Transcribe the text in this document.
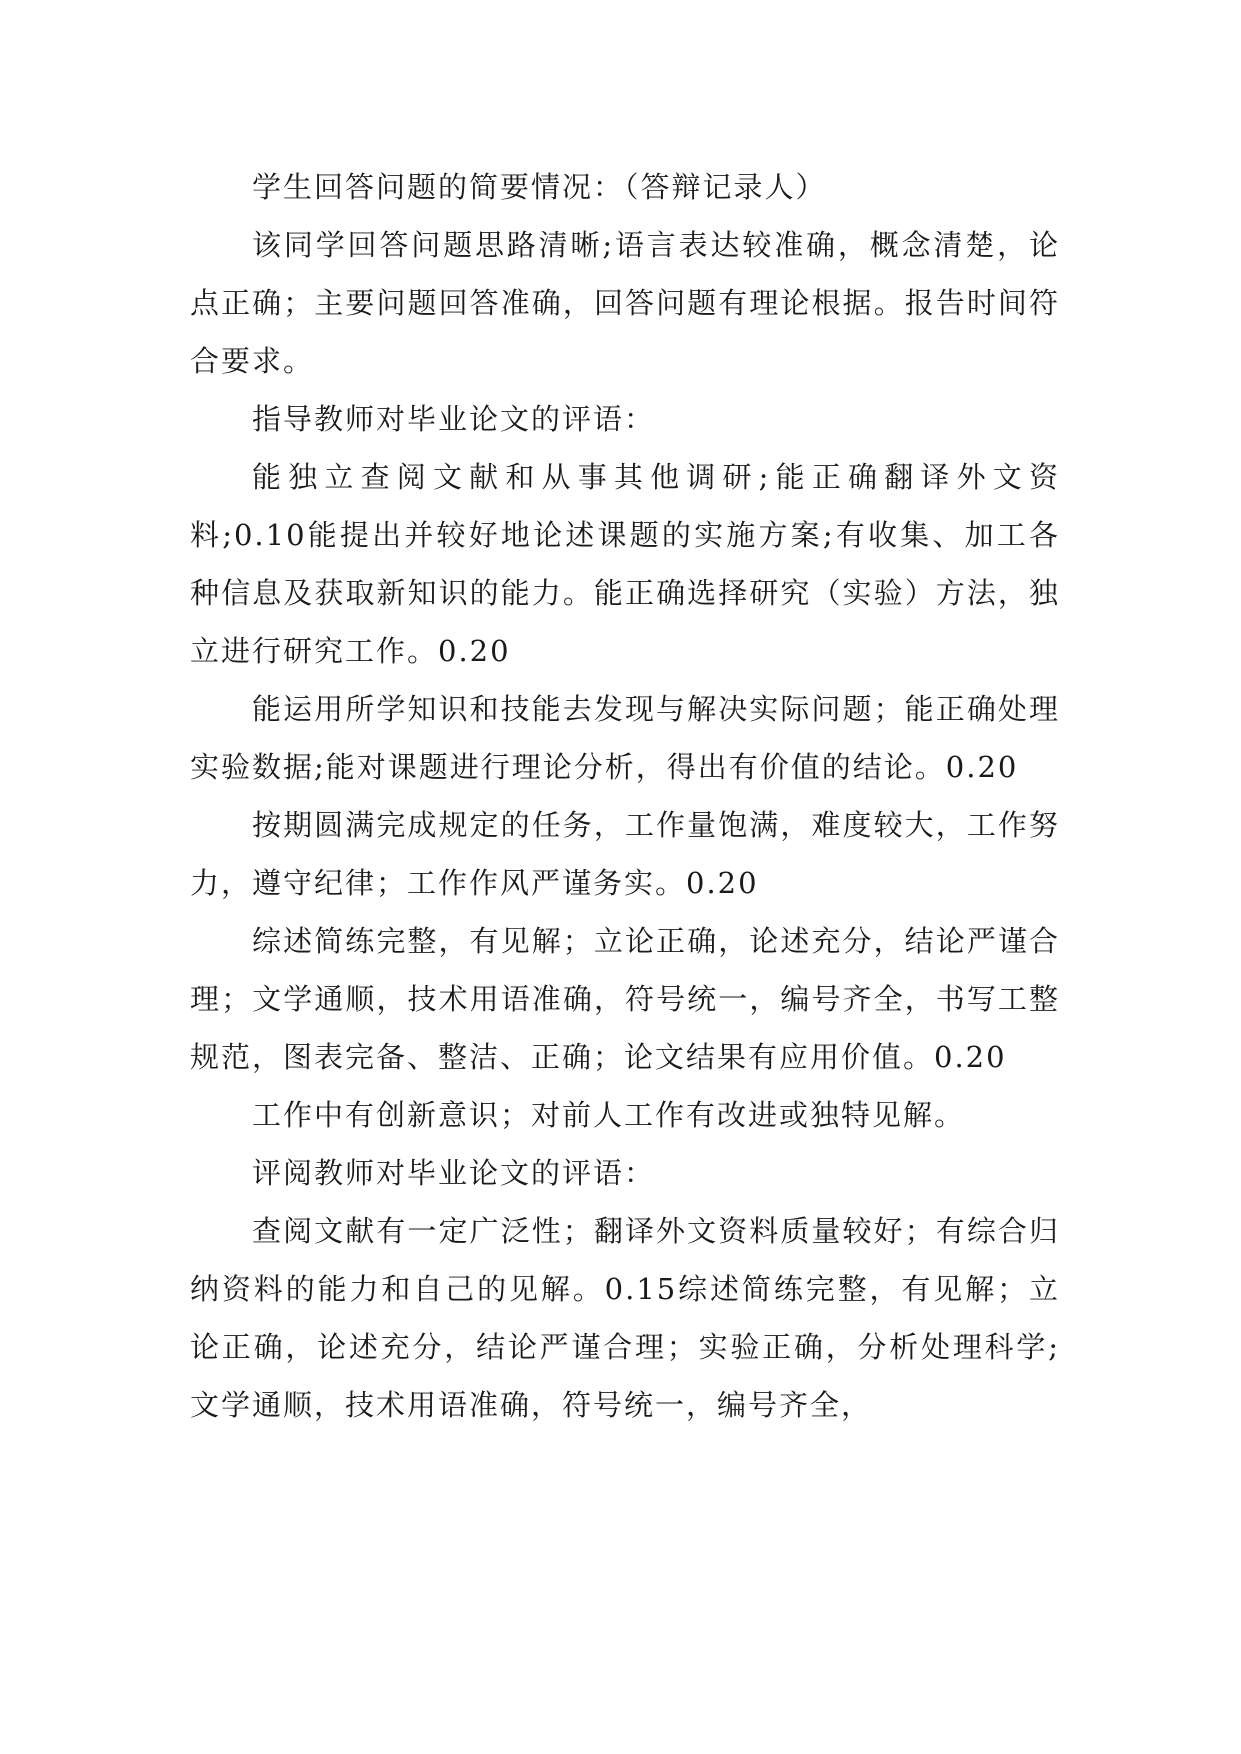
学生回答问题的简要情况：（答辩记录人）

该同学回答问题思路清晰;语言表达较准确，概念清楚，论点正确；主要问题回答准确，回答问题有理论根据。报告时间符合要求。

指导教师对毕业论文的评语：

能独立查阅文献和从事其他调研;能正确翻译外文资料;0.10能提出并较好地论述课题的实施方案;有收集、加工各种信息及获取新知识的能力。能正确选择研究（实验）方法，独立进行研究工作。0.20

能运用所学知识和技能去发现与解决实际问题；能正确处理实验数据;能对课题进行理论分析，得出有价值的结论。0.20

按期圆满完成规定的任务，工作量饱满，难度较大，工作努力，遵守纪律；工作作风严谨务实。0.20

综述简练完整，有见解；立论正确，论述充分，结论严谨合理；文学通顺，技术用语准确，符号统一，编号齐全，书写工整规范，图表完备、整洁、正确；论文结果有应用价值。0.20

工作中有创新意识；对前人工作有改进或独特见解。

评阅教师对毕业论文的评语：

查阅文献有一定广泛性；翻译外文资料质量较好；有综合归纳资料的能力和自己的见解。0.15综述简练完整，有见解；立论正确，论述充分，结论严谨合理；实验正确，分析处理科学;文学通顺，技术用语准确，符号统一，编号齐全，
